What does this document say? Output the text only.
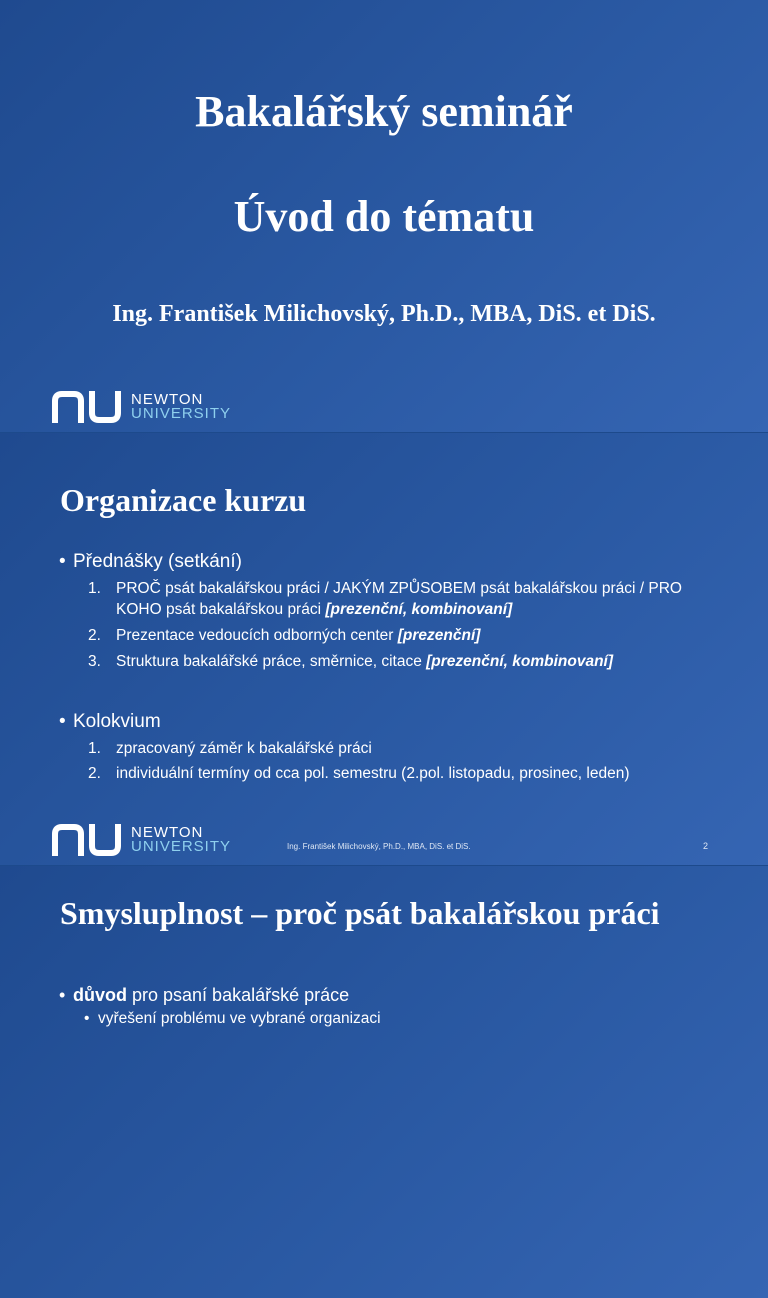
Bakalářský seminář
Úvod do tématu
Ing. František Milichovský, Ph.D., MBA, DiS. et DiS.
NEWTON
UNIVERSITY
Organizace kurzu
• Přednášky (setkání)
1. PROČ psát bakalářskou práci / JAKÝM ZPŮSOBEM psát bakalářskou práci / PRO KOHO psát bakalářskou práci [prezenční, kombinovaní]
2. Prezentace vedoucích odborných center [prezenční]
3. Struktura bakalářské práce, směrnice, citace [prezenční, kombinovaní]
• Kolokvium
1. zpracovaný záměr k bakalářské práci
2. individuální termíny od cca pol. semestru (2.pol. listopadu, prosinec, leden)
NEWTON
UNIVERSITY	Ing. František Milichovský, Ph.D., MBA, DiS. et DiS.	2
Smysluplnost – proč psát bakalářskou práci
• důvod pro psaní bakalářské práce
• vyřešení problému ve vybrané organizaci
